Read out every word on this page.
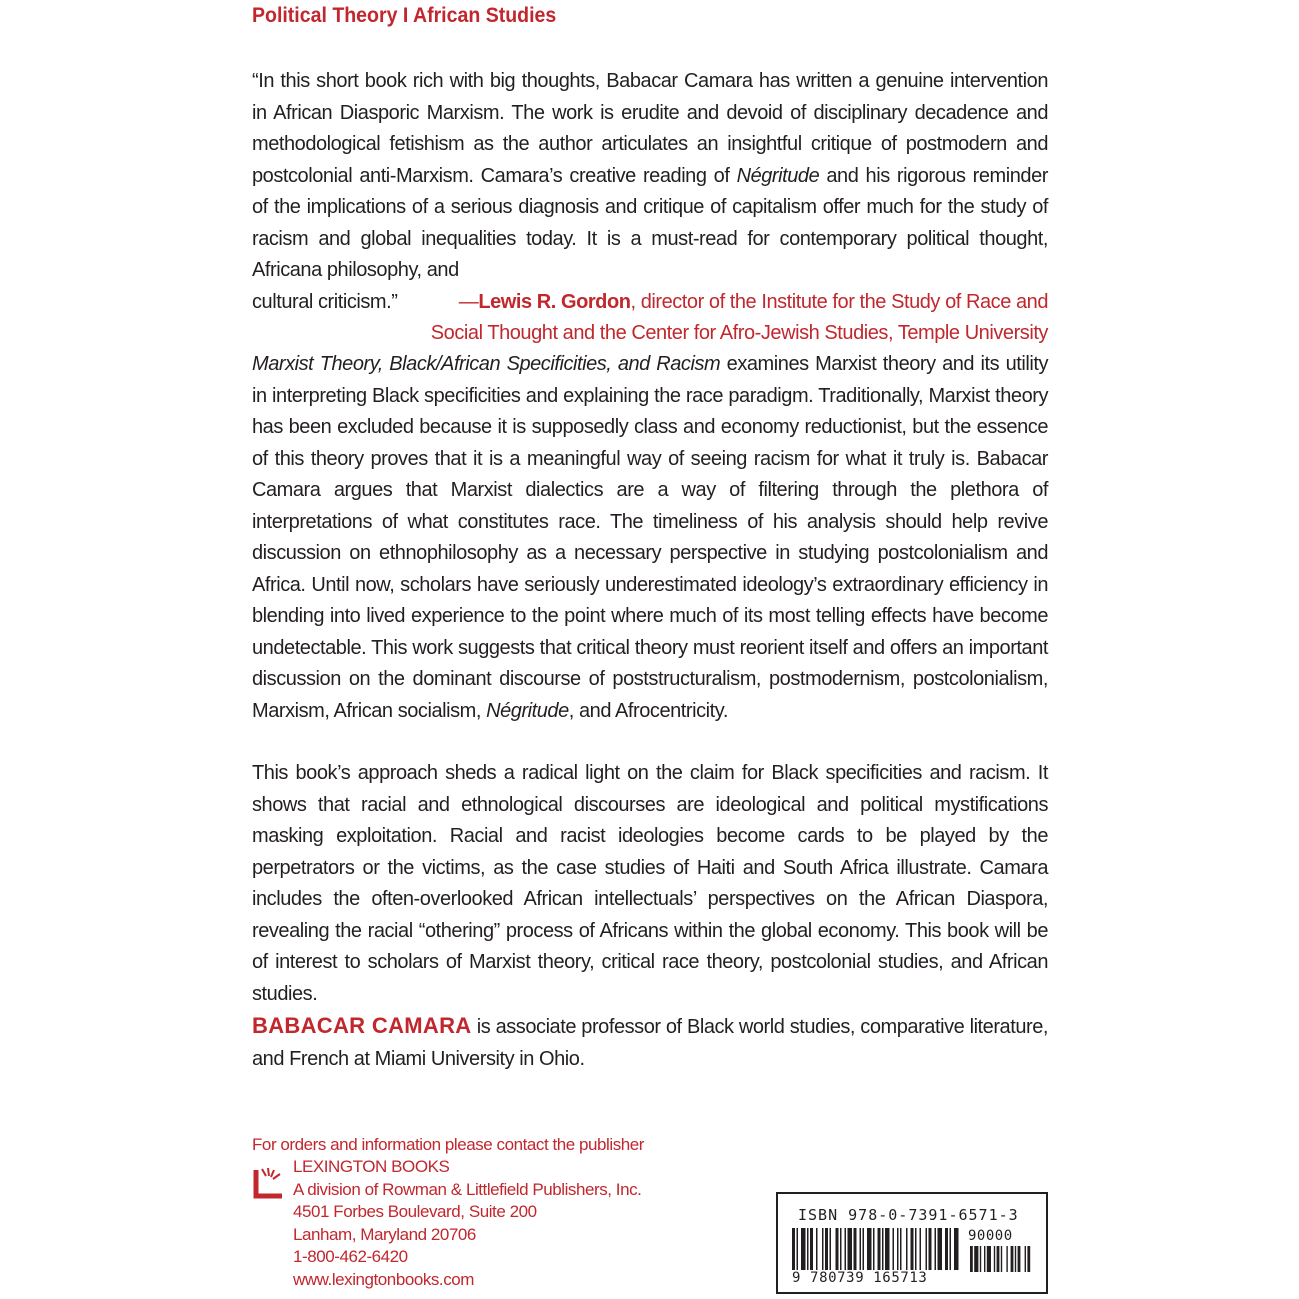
Political Theory I African Studies

“In this short book rich with big thoughts, Babacar Camara has written a genuine intervention in African Diasporic Marxism. The work is erudite and devoid of disciplinary decadence and methodological fetishism as the author articulates an insightful critique of postmodern and postcolonial anti-Marxism. Camara’s creative reading of Négritude and his rigorous reminder of the implications of a serious diagnosis and critique of capitalism offer much for the study of racism and global inequalities today. It is a must-read for contemporary political thought, Africana philosophy, and

cultural criticism.”	—Lewis R. Gordon, director of the Institute for the Study of Race and
Social Thought and the Center for Afro-Jewish Studies, Temple University

Marxist Theory, Black/African Specificities, and Racism examines Marxist theory and its utility in interpreting Black specificities and explaining the race paradigm. Traditionally, Marxist theory has been excluded because it is supposedly class and economy reductionist, but the essence of this theory proves that it is a meaningful way of seeing racism for what it truly is. Babacar Camara argues that Marxist dialectics are a way of filtering through the plethora of interpretations of what constitutes race. The timeliness of his analysis should help revive discussion on ethnophilosophy as a necessary perspective in studying postcolonialism and Africa. Until now, scholars have seriously underestimated ideology’s extraordinary efficiency in blending into lived experience to the point where much of its most telling effects have become undetectable. This work suggests that critical theory must reorient itself and offers an important discussion on the dominant discourse of poststructuralism, postmodernism, postcolonialism, Marxism, African socialism, Négritude, and Afrocentricity.

This book’s approach sheds a radical light on the claim for Black specificities and racism. It shows that racial and ethnological discourses are ideological and political mystifications masking exploitation. Racial and racist ideologies become cards to be played by the perpetrators or the victims, as the case studies of Haiti and South Africa illustrate. Camara includes the often-overlooked African intellectuals’ perspectives on the African Diaspora, revealing the racial “othering” process of Africans within the global economy. This book will be of interest to scholars of Marxist theory, critical race theory, postcolonial studies, and African studies.

BABACAR CAMARA is associate professor of Black world studies, comparative literature, and French at Miami University in Ohio.

For orders and information please contact the publisher
LEXINGTON BOOKS
A division of Rowman & Littlefield Publishers, Inc.
4501 Forbes Boulevard, Suite 200
Lanham, Maryland 20706
1-800-462-6420
www.lexingtonbooks.com
ISBN 978-0-7391-6571-3
90000
9 780739 165713
